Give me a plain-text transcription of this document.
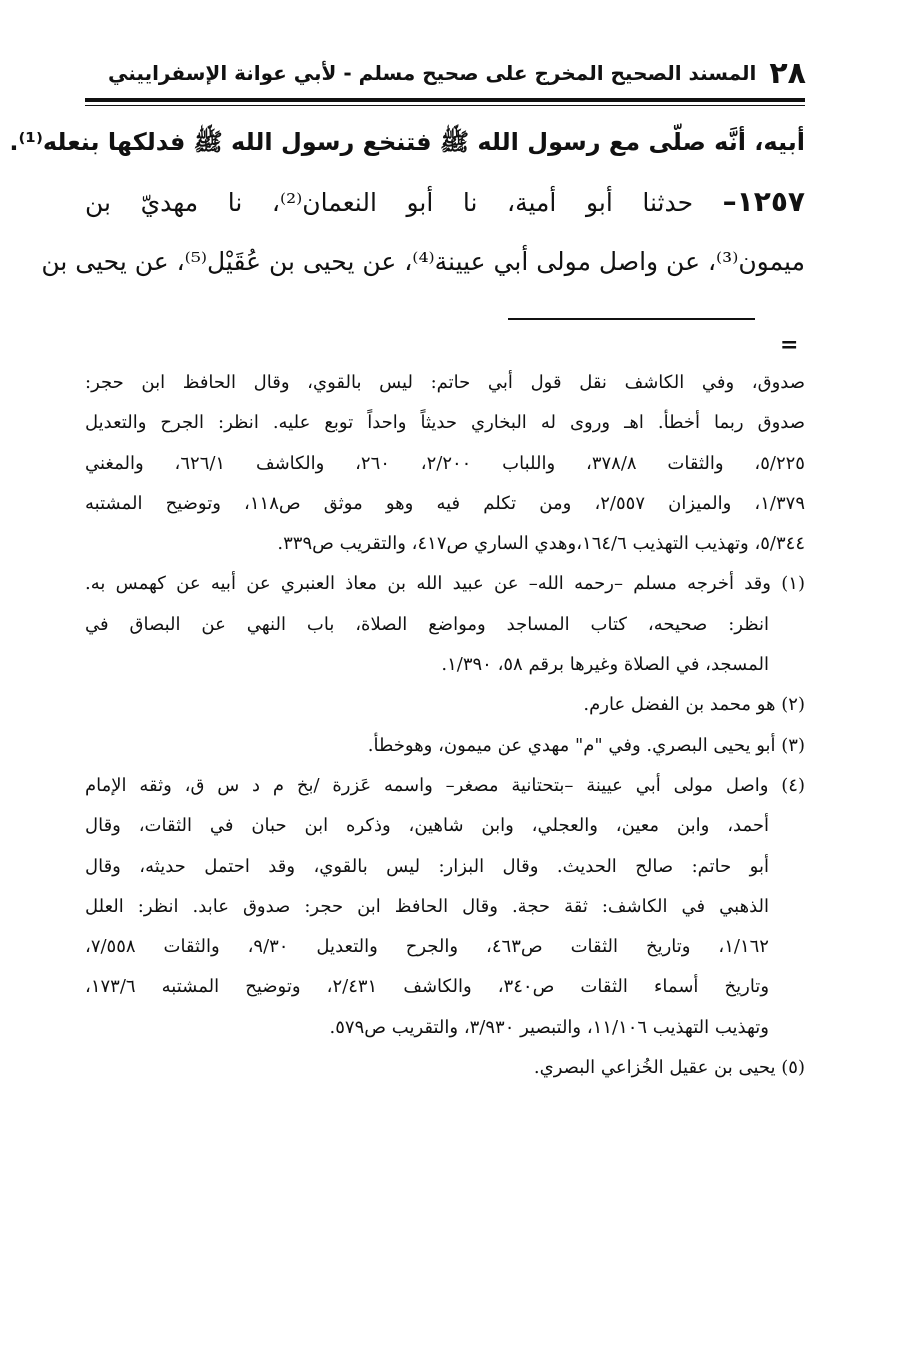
٢٨
المسند الصحيح المخرج على صحيح مسلم - لأبي عوانة الإسفراييني
أبيه، أنَّه صلّى مع رسول الله ﷺ فتنخع رسول الله ﷺ فدلكها بنعله⁽¹⁾.
١٢٥٧– حدثنا أبو أمية، نا أبو النعمان⁽²⁾، نا مهديّ بن
ميمون⁽³⁾، عن واصل مولى أبي عيينة⁽⁴⁾، عن يحيى بن عُقَيْل⁽⁵⁾، عن يحيى بن
=
صدوق، وفي الكاشف نقل قول أبي حاتم: ليس بالقوي، وقال الحافظ ابن حجر:
صدوق ربما أخطأ. اهـ وروى له البخاري حديثاً واحداً توبع عليه. انظر: الجرح والتعديل
٥/٢٢٥، والثقات ٣٧٨/٨، واللباب ٢/٢٠٠، ٢٦٠، والكاشف ٦٢٦/١، والمغني
١/٣٧٩، والميزان ٢/٥٥٧، ومن تكلم فيه وهو موثق ص١١٨، وتوضيح المشتبه
٥/٣٤٤، وتهذيب التهذيب ١٦٤/٦،وهدي الساري ص٤١٧، والتقريب ص٣٣٩.
(١) وقد أخرجه مسلم –رحمه الله– عن عبيد الله بن معاذ العنبري عن أبيه عن كهمس به.
انظر: صحيحه، كتاب المساجد ومواضع الصلاة، باب النهي عن البصاق في
المسجد، في الصلاة وغيرها برقم ٥٨، ١/٣٩٠.
(٢) هو محمد بن الفضل عارم.
(٣) أبو يحيى البصري. وفي "م" مهدي عن ميمون، وهوخطأ.
(٤) واصل مولى أبي عيينة –بتحتانية مصغر– واسمه عَزرة /بخ م د س ق، وثقه الإمام
أحمد، وابن معين، والعجلي، وابن شاهين، وذكره ابن حبان في الثقات، وقال
أبو حاتم: صالح الحديث. وقال البزار: ليس بالقوي، وقد احتمل حديثه، وقال
الذهبي في الكاشف: ثقة حجة. وقال الحافظ ابن حجر: صدوق عابد. انظر: العلل
١/١٦٢، وتاريخ الثقات ص٤٦٣، والجرح والتعديل ٩/٣٠، والثقات ٧/٥٥٨،
وتاريخ أسماء الثقات ص٣٤٠، والكاشف ٢/٤٣١، وتوضيح المشتبه ١٧٣/٦،
وتهذيب التهذيب ١١/١٠٦، والتبصير ٣/٩٣٠، والتقريب ص٥٧٩.
(٥) يحيى بن عقيل الخُزاعي البصري.
